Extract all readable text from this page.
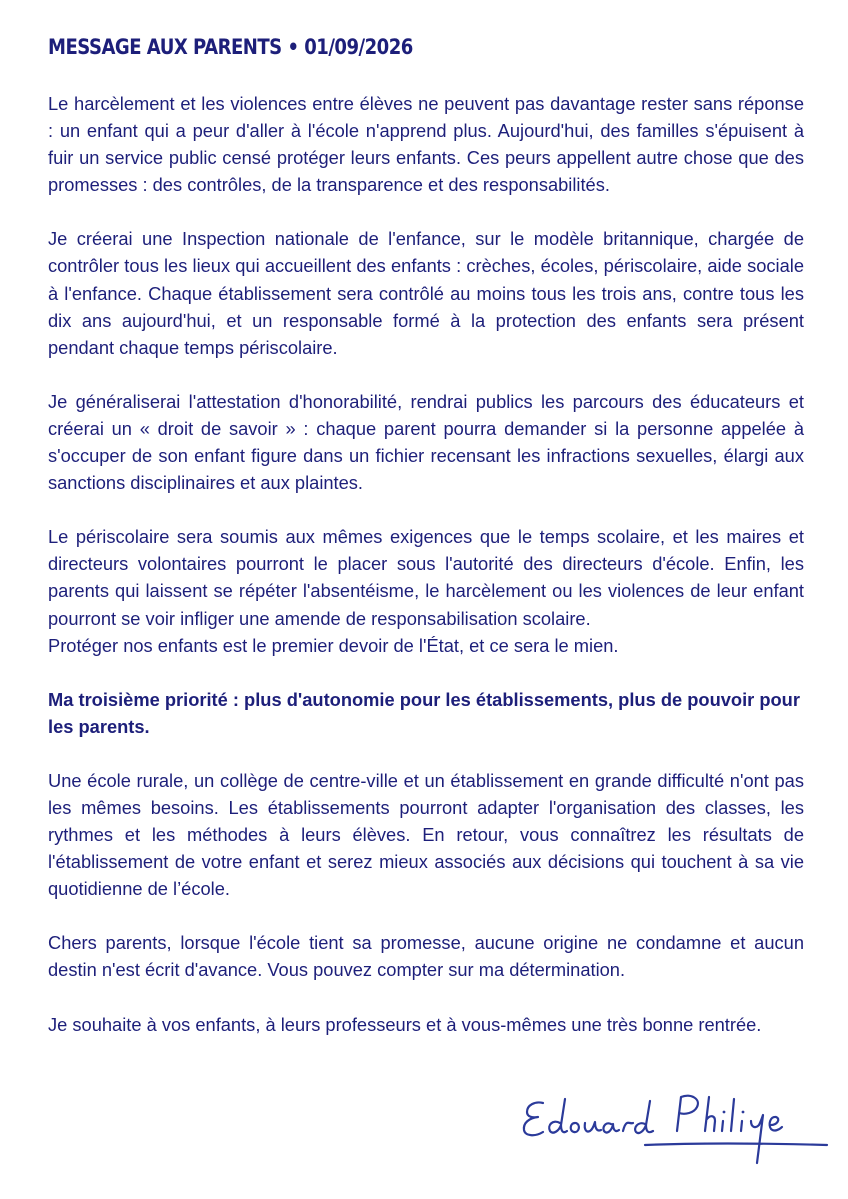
MESSAGE AUX PARENTS • 01/09/2026

Le harcèlement et les violences entre élèves ne peuvent pas davantage rester sans réponse : un enfant qui a peur d'aller à l'école n'apprend plus. Aujourd'hui, des familles s'épuisent à fuir un service public censé protéger leurs enfants. Ces peurs appellent autre chose que des promesses : des contrôles, de la transparence et des responsabilités.

Je créerai une Inspection nationale de l'enfance, sur le modèle britannique, chargée de contrôler tous les lieux qui accueillent des enfants : crèches, écoles, périscolaire, aide sociale à l'enfance. Chaque établissement sera contrôlé au moins tous les trois ans, contre tous les dix ans aujourd'hui, et un responsable formé à la protection des enfants sera présent pendant chaque temps périscolaire.

Je généraliserai l'attestation d'honorabilité, rendrai publics les parcours des éducateurs et créerai un « droit de savoir » : chaque parent pourra demander si la personne appelée à s'occuper de son enfant figure dans un fichier recensant les infractions sexuelles, élargi aux sanctions disciplinaires et aux plaintes.

Le périscolaire sera soumis aux mêmes exigences que le temps scolaire, et les maires et directeurs volontaires pourront le placer sous l'autorité des directeurs d'école. Enfin, les parents qui laissent se répéter l'absentéisme, le harcèlement ou les violences de leur enfant pourront se voir infliger une amende de responsabilisation scolaire.
Protéger nos enfants est le premier devoir de l'État, et ce sera le mien.

Ma troisième priorité : plus d'autonomie pour les établissements, plus de pouvoir pour les parents.

Une école rurale, un collège de centre-ville et un établissement en grande difficulté n'ont pas les mêmes besoins. Les établissements pourront adapter l'organisation des classes, les rythmes et les méthodes à leurs élèves. En retour, vous connaîtrez les résultats de l'établissement de votre enfant et serez mieux associés aux décisions qui touchent à sa vie quotidienne de l’école.

Chers parents, lorsque l'école tient sa promesse, aucune origine ne condamne et aucun destin n'est écrit d'avance. Vous pouvez compter sur ma détermination.

Je souhaite à vos enfants, à leurs professeurs et à vous-mêmes une très bonne rentrée.
